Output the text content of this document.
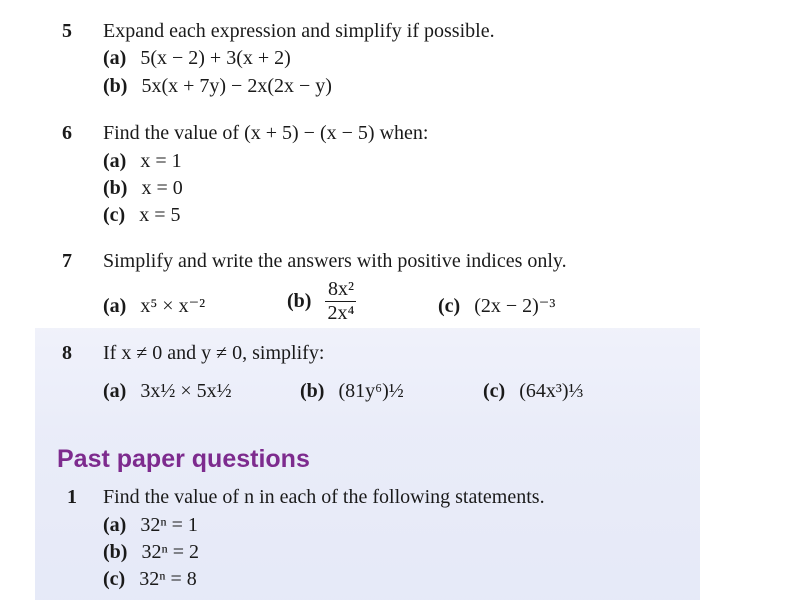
5 Expand each expression and simplify if possible.
(a) 5(x − 2) + 3(x + 2)
(b) 5x(x + 7y) − 2x(2x − y)
6 Find the value of (x + 5) − (x − 5) when:
(a) x = 1
(b) x = 0
(c) x = 5
7 Simplify and write the answers with positive indices only.
(a) x⁵ × x⁻²	$(b) \frac{\text{8x²}}{\text{2x⁴}}$	(c) (2x − 2)⁻³
8 If x ≠ 0 and y ≠ 0, simplify:
(a) 3x½ × 5x½	(b) (81y⁶)½	(c) (64x³)⅓
Past paper questions
1 Find the value of n in each of the following statements.
(a) 32ⁿ = 1
(b) 32ⁿ = 2
(c) 32ⁿ = 8
